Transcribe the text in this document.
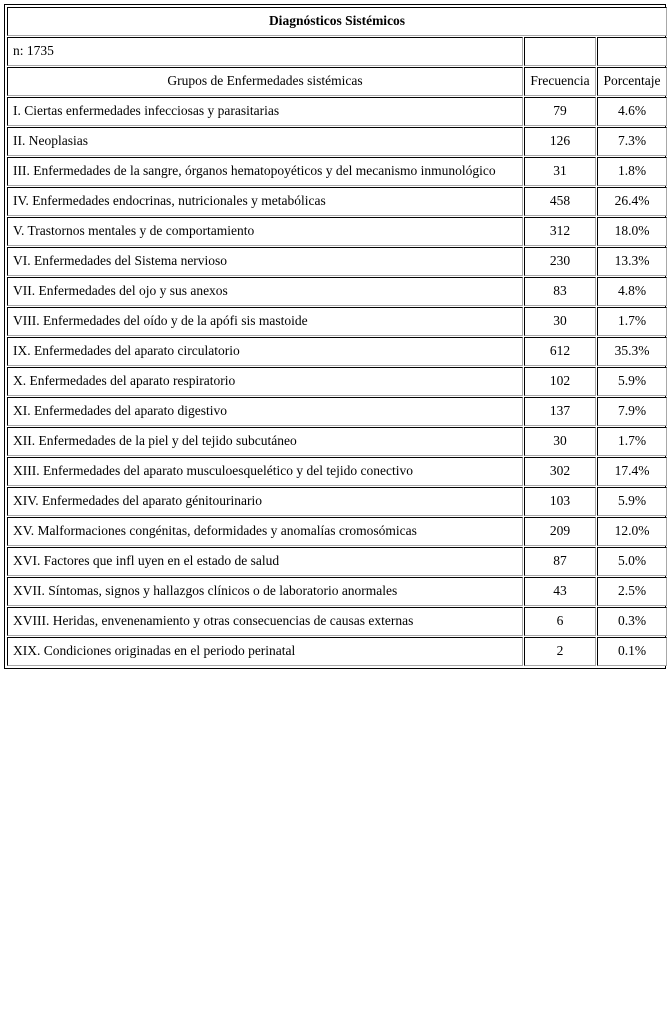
Diagnósticos Sistémicos		
n: 1735		
Grupos de Enfermedades sistémicas	Frecuencia	Porcentaje
I. Ciertas enfermedades infecciosas y parasitarias	79	4.6%
II. Neoplasias	126	7.3%
III. Enfermedades de la sangre, órganos hematopoyéticos y del mecanismo inmunológico	31	1.8%
IV. Enfermedades endocrinas, nutricionales y metabólicas	458	26.4%
V. Trastornos mentales y de comportamiento	312	18.0%
VI. Enfermedades del Sistema nervioso	230	13.3%
VII. Enfermedades del ojo y sus anexos	83	4.8%
VIII. Enfermedades del oído y de la apófi sis mastoide	30	1.7%
IX. Enfermedades del aparato circulatorio	612	35.3%
X. Enfermedades del aparato respiratorio	102	5.9%
XI. Enfermedades del aparato digestivo	137	7.9%
XII. Enfermedades de la piel y del tejido subcutáneo	30	1.7%
XIII. Enfermedades del aparato musculoesquelético y del tejido conectivo	302	17.4%
XIV. Enfermedades del aparato génitourinario	103	5.9%
XV. Malformaciones congénitas, deformidades y anomalías cromosómicas	209	12.0%
XVI. Factores que infl uyen en el estado de salud	87	5.0%
XVII. Síntomas, signos y hallazgos clínicos o de laboratorio anormales	43	2.5%
XVIII. Heridas, envenenamiento y otras consecuencias de causas externas	6	0.3%
XIX. Condiciones originadas en el periodo perinatal	2	0.1%
